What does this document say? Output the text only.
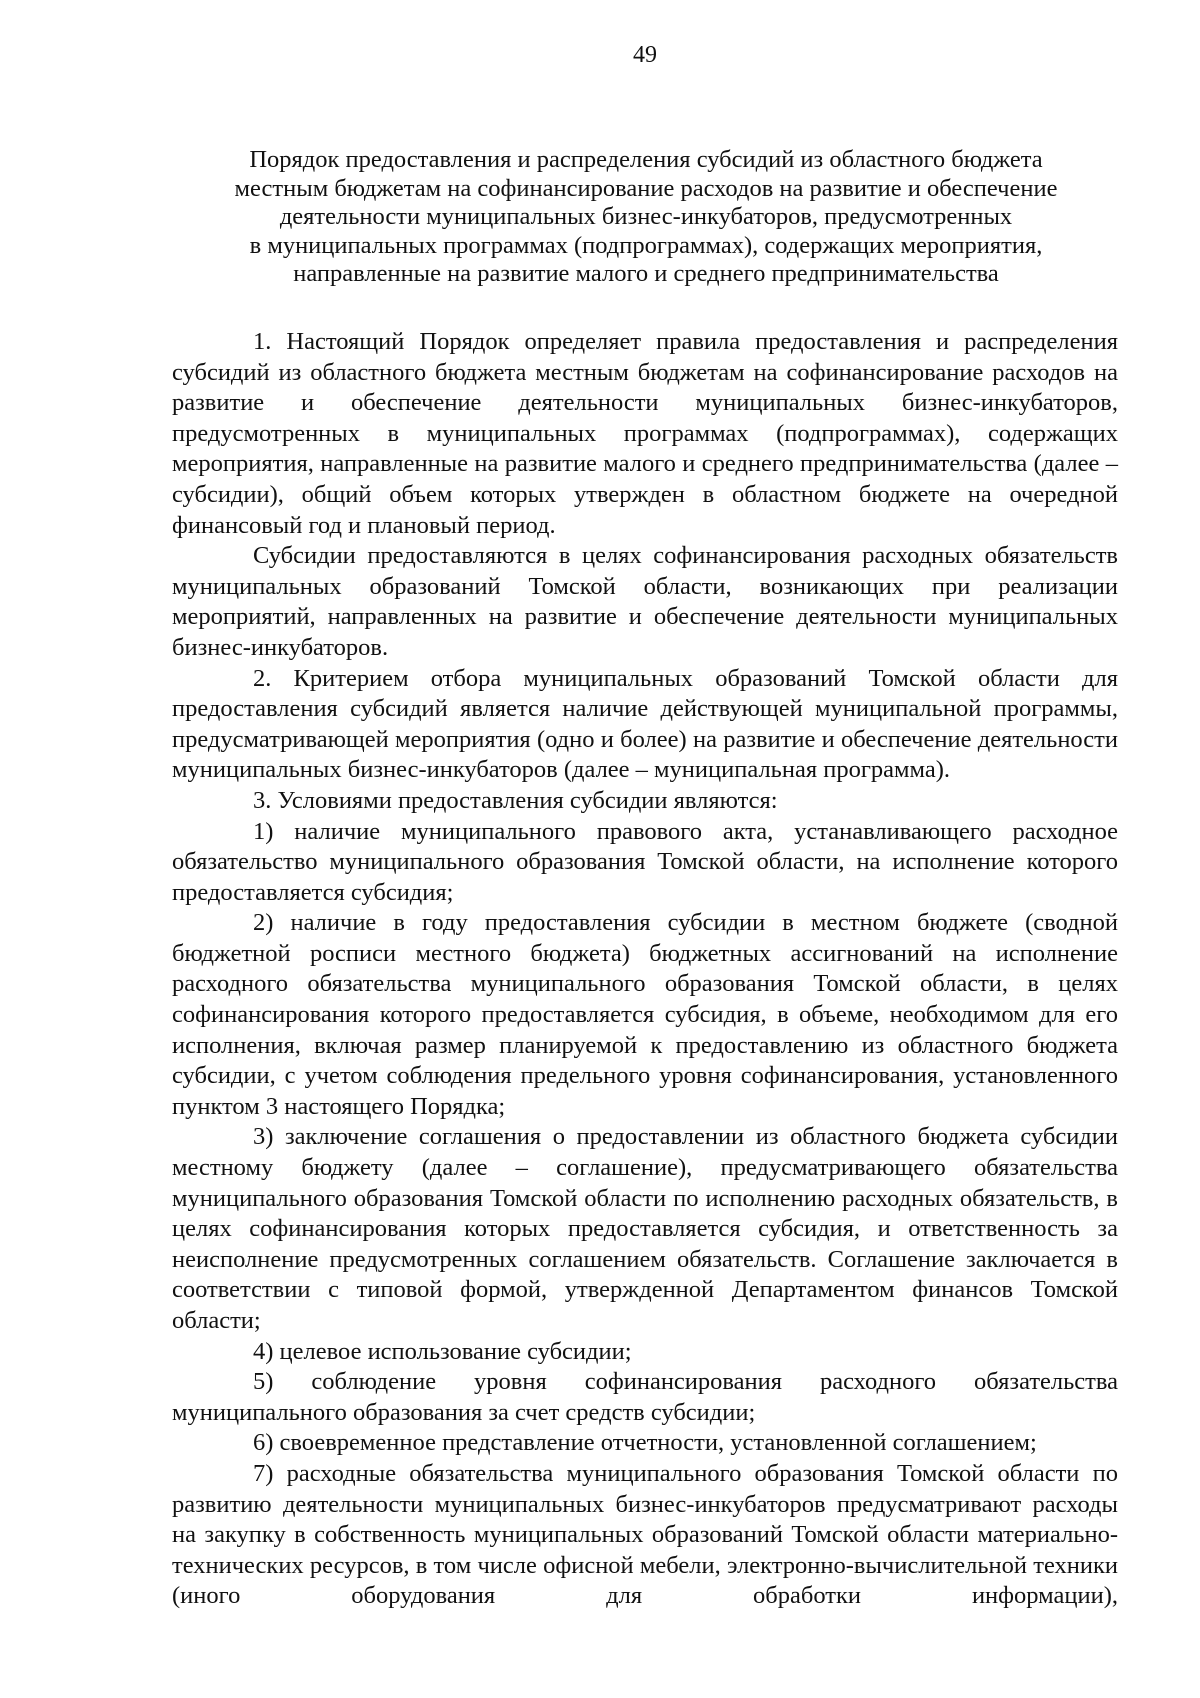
49
Порядок предоставления и распределения субсидий из областного бюджета
местным бюджетам на софинансирование расходов на развитие и обеспечение
деятельности муниципальных бизнес-инкубаторов, предусмотренных
в муниципальных программах (подпрограммах), содержащих мероприятия,
направленные на развитие малого и среднего предпринимательства

1. Настоящий Порядок определяет правила предоставления и распределения субсидий из областного бюджета местным бюджетам на софинансирование расходов на развитие и обеспечение деятельности муниципальных бизнес-инкубаторов, предусмотренных в муниципальных программах (подпрограммах), содержащих мероприятия, направленные на развитие малого и среднего предпринимательства (далее – субсидии), общий объем которых утвержден в областном бюджете на очередной финансовый год и плановый период.

Субсидии предоставляются в целях софинансирования расходных обязательств муниципальных образований Томской области, возникающих при реализации мероприятий, направленных на развитие и обеспечение деятельности муниципальных бизнес-инкубаторов.

2. Критерием отбора муниципальных образований Томской области для предоставления субсидий является наличие действующей муниципальной программы, предусматривающей мероприятия (одно и более) на развитие и обеспечение деятельности муниципальных бизнес-инкубаторов (далее – муниципальная программа).

3. Условиями предоставления субсидии являются:

1) наличие муниципального правового акта, устанавливающего расходное обязательство муниципального образования Томской области, на исполнение которого предоставляется субсидия;

2) наличие в году предоставления субсидии в местном бюджете (сводной бюджетной росписи местного бюджета) бюджетных ассигнований на исполнение расходного обязательства муниципального образования Томской области, в целях софинансирования которого предоставляется субсидия, в объеме, необходимом для его исполнения, включая размер планируемой к предоставлению из областного бюджета субсидии, с учетом соблюдения предельного уровня софинансирования, установленного пунктом 3 настоящего Порядка;

3) заключение соглашения о предоставлении из областного бюджета субсидии местному бюджету (далее – соглашение), предусматривающего обязательства муниципального образования Томской области по исполнению расходных обязательств, в целях софинансирования которых предоставляется субсидия, и ответственность за неисполнение предусмотренных соглашением обязательств. Соглашение заключается в соответствии с типовой формой, утвержденной Департаментом финансов Томской области;

4) целевое использование субсидии;

5) соблюдение уровня софинансирования расходного обязательства муниципального образования за счет средств субсидии;

6) своевременное представление отчетности, установленной соглашением;

7) расходные обязательства муниципального образования Томской области по развитию деятельности муниципальных бизнес-инкубаторов предусматривают расходы на закупку в собственность муниципальных образований Томской области материально-технических ресурсов, в том числе офисной мебели, электронно-вычислительной техники (иного оборудования для обработки информации),
